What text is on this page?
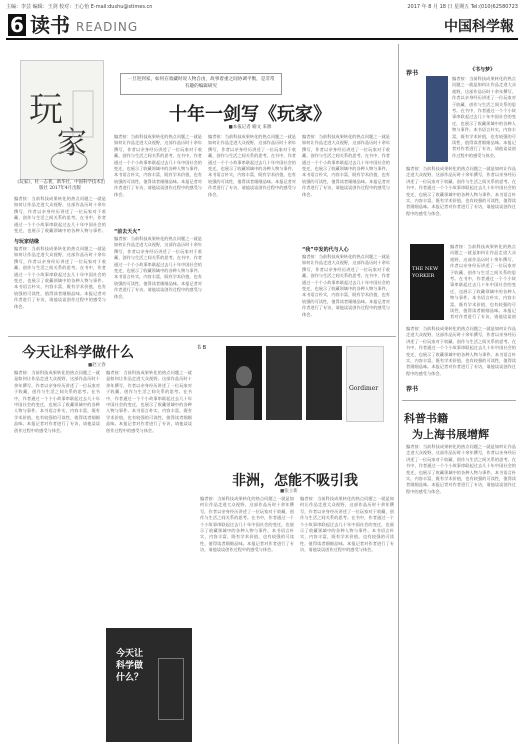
主编：李芸 编辑：王剑 校对：王心怡 E-mail:dushu@stimes.cn	2017 年 8 月 18 日 星期五 Tel:(010)62580723
6 读书 READING	中国科学報
玩
家
《玩家》，杜一志著，新华社，中国科学技术出版社 2017年4月出版
编者按：当前科技成果转化的热点问题之一就是如何让作品走进大众视野，这部作品历时十余年撰写，作者以亲身经历讲述了一位玩家对于收藏、创作与生活之间关系的思考。在书中，作者通过一个个小故事串联起过去几十年中国社会的变迁，也展示了收藏领域中的各种人物与事件。
与玩家结缘
编者按：当前科技成果转化的热点问题之一就是如何让作品走进大众视野，这部作品历时十余年撰写，作者以亲身经历讲述了一位玩家对于收藏、创作与生活之间关系的思考。在书中，作者通过一个个小故事串联起过去几十年中国社会的变迁，也展示了收藏领域中的各种人物与事件。本书语言朴实，内容丰富，既有学术价值，也有较强的可读性，值得读者细细品味。本报记者对作者进行了专访，请他谈谈创作过程中的感受与体会。
一旦进到家，如何在收藏时说人物自由，故事着重之间协调平衡，是非常有趣的编辑研究
十年一剑写《玩家》
■本报记者 喻文 来源
编者按：当前科技成果转化的热点问题之一就是如何让作品走进大众视野，这部作品历时十余年撰写，作者以亲身经历讲述了一位玩家对于收藏、创作与生活之间关系的思考。在书中，作者通过一个个小故事串联起过去几十年中国社会的变迁，也展示了收藏领域中的各种人物与事件。本书语言朴实，内容丰富，既有学术价值，也有较强的可读性，值得读者细细品味。本报记者对作者进行了专访，请他谈谈创作过程中的感受与体会。
“前去天火”
编者按：当前科技成果转化的热点问题之一就是如何让作品走进大众视野，这部作品历时十余年撰写，作者以亲身经历讲述了一位玩家对于收藏、创作与生活之间关系的思考。在书中，作者通过一个个小故事串联起过去几十年中国社会的变迁，也展示了收藏领域中的各种人物与事件。本书语言朴实，内容丰富，既有学术价值，也有较强的可读性，值得读者细细品味。本报记者对作者进行了专访，请他谈谈创作过程中的感受与体会。
编者按：当前科技成果转化的热点问题之一就是如何让作品走进大众视野，这部作品历时十余年撰写，作者以亲身经历讲述了一位玩家对于收藏、创作与生活之间关系的思考。在书中，作者通过一个个小故事串联起过去几十年中国社会的变迁，也展示了收藏领域中的各种人物与事件。本书语言朴实，内容丰富，既有学术价值，也有较强的可读性，值得读者细细品味。本报记者对作者进行了专访，请他谈谈创作过程中的感受与体会。
编者按：当前科技成果转化的热点问题之一就是如何让作品走进大众视野，这部作品历时十余年撰写，作者以亲身经历讲述了一位玩家对于收藏、创作与生活之间关系的思考。在书中，作者通过一个个小故事串联起过去几十年中国社会的变迁，也展示了收藏领域中的各种人物与事件。本书语言朴实，内容丰富，既有学术价值，也有较强的可读性，值得读者细细品味。本报记者对作者进行了专访，请他谈谈创作过程中的感受与体会。
“我”中发的代与人心
编者按：当前科技成果转化的热点问题之一就是如何让作品走进大众视野，这部作品历时十余年撰写，作者以亲身经历讲述了一位玩家对于收藏、创作与生活之间关系的思考。在书中，作者通过一个个小故事串联起过去几十年中国社会的变迁，也展示了收藏领域中的各种人物与事件。本书语言朴实，内容丰富，既有学术价值，也有较强的可读性，值得读者细细品味。本报记者对作者进行了专访，请他谈谈创作过程中的感受与体会。
今天让科学做什么
■赵立春
编者按：当前科技成果转化的热点问题之一就是如何让作品走进大众视野，这部作品历时十余年撰写，作者以亲身经历讲述了一位玩家对于收藏、创作与生活之间关系的思考。在书中，作者通过一个个小故事串联起过去几十年中国社会的变迁，也展示了收藏领域中的各种人物与事件。本书语言朴实，内容丰富，既有学术价值，也有较强的可读性，值得读者细细品味。本报记者对作者进行了专访，请他谈谈创作过程中的感受与体会。
编者按：当前科技成果转化的热点问题之一就是如何让作品走进大众视野，这部作品历时十余年撰写，作者以亲身经历讲述了一位玩家对于收藏、创作与生活之间关系的思考。在书中，作者通过一个个小故事串联起过去几十年中国社会的变迁，也展示了收藏领域中的各种人物与事件。本书语言朴实，内容丰富，既有学术价值，也有较强的可读性，值得读者细细品味。本报记者对作者进行了专访，请他谈谈创作过程中的感受与体会。
今天让科学做什么？
书 B
Gordimer
非洲，怎能不吸引我
■张立新
编者按：当前科技成果转化的热点问题之一就是如何让作品走进大众视野，这部作品历时十余年撰写，作者以亲身经历讲述了一位玩家对于收藏、创作与生活之间关系的思考。在书中，作者通过一个个小故事串联起过去几十年中国社会的变迁，也展示了收藏领域中的各种人物与事件。本书语言朴实，内容丰富，既有学术价值，也有较强的可读性，值得读者细细品味。本报记者对作者进行了专访，请他谈谈创作过程中的感受与体会。
编者按：当前科技成果转化的热点问题之一就是如何让作品走进大众视野，这部作品历时十余年撰写，作者以亲身经历讲述了一位玩家对于收藏、创作与生活之间关系的思考。在书中，作者通过一个个小故事串联起过去几十年中国社会的变迁，也展示了收藏领域中的各种人物与事件。本书语言朴实，内容丰富，既有学术价值，也有较强的可读性，值得读者细细品味。本报记者对作者进行了专访，请他谈谈创作过程中的感受与体会。
荐书
编者按：当前科技成果转化的热点问题之一就是如何让作品走进大众视野，这部作品历时十余年撰写，作者以亲身经历讲述了一位玩家对于收藏、创作与生活之间关系的思考。在书中，作者通过一个个小故事串联起过去几十年中国社会的变迁，也展示了收藏领域中的各种人物与事件。本书语言朴实，内容丰富，既有学术价值，也有较强的可读性，值得读者细细品味。本报记者对作者进行了专访，请他谈谈创作过程中的感受与体会。
《书与梦》
编者按：当前科技成果转化的热点问题之一就是如何让作品走进大众视野，这部作品历时十余年撰写，作者以亲身经历讲述了一位玩家对于收藏、创作与生活之间关系的思考。在书中，作者通过一个个小故事串联起过去几十年中国社会的变迁，也展示了收藏领域中的各种人物与事件。本书语言朴实，内容丰富，既有学术价值，也有较强的可读性，值得读者细细品味。本报记者对作者进行了专访，请他谈谈创作过程中的感受与体会。
THE NEW YORKER
编者按：当前科技成果转化的热点问题之一就是如何让作品走进大众视野，这部作品历时十余年撰写，作者以亲身经历讲述了一位玩家对于收藏、创作与生活之间关系的思考。在书中，作者通过一个个小故事串联起过去几十年中国社会的变迁，也展示了收藏领域中的各种人物与事件。本书语言朴实，内容丰富，既有学术价值，也有较强的可读性，值得读者细细品味。本报记者对作者进行了专访，请他谈谈创
编者按：当前科技成果转化的热点问题之一就是如何让作品走进大众视野，这部作品历时十余年撰写，作者以亲身经历讲述了一位玩家对于收藏、创作与生活之间关系的思考。在书中，作者通过一个个小故事串联起过去几十年中国社会的变迁，也展示了收藏领域中的各种人物与事件。本书语言朴实，内容丰富，既有学术价值，也有较强的可读性，值得读者细细品味。本报记者对作者进行了专访，请他谈谈创作过程中的感受与体会。
荐书
科普书籍
为上海书展增辉
编者按：当前科技成果转化的热点问题之一就是如何让作品走进大众视野，这部作品历时十余年撰写，作者以亲身经历讲述了一位玩家对于收藏、创作与生活之间关系的思考。在书中，作者通过一个个小故事串联起过去几十年中国社会的变迁，也展示了收藏领域中的各种人物与事件。本书语言朴实，内容丰富，既有学术价值，也有较强的可读性，值得读者细细品味。本报记者对作者进行了专访，请他谈谈创作过程中的感受与体会。
